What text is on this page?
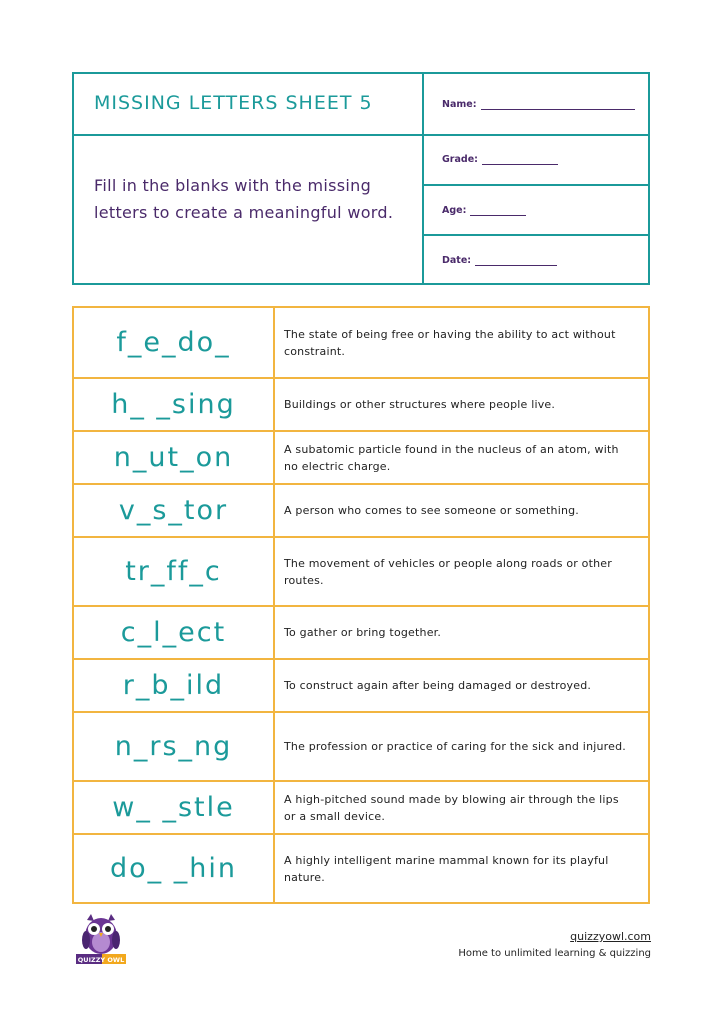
MISSING LETTERS SHEET 5
Fill in the blanks with the missing letters to create a meaningful word.
Name:
Grade:
Age:
Date:
f_e_do_	The state of being free or having the ability to act without constraint.
h_ _sing	Buildings or other structures where people live.
n_ut_on	A subatomic particle found in the nucleus of an atom, with no electric charge.
v_s_tor	A person who comes to see someone or something.
tr_ff_c	The movement of vehicles or people along roads or other routes.
c_l_ect	To gather or bring together.
r_b_ild	To construct again after being damaged or destroyed.
n_rs_ng	The profession or practice of caring for the sick and injured.
w_ _stle	A high-pitched sound made by blowing air through the lips or a small device.
do_ _hin	A highly intelligent marine mammal known for its playful nature.
QUIZZY OWL
quizzyowl.com
Home to unlimited learning & quizzing
